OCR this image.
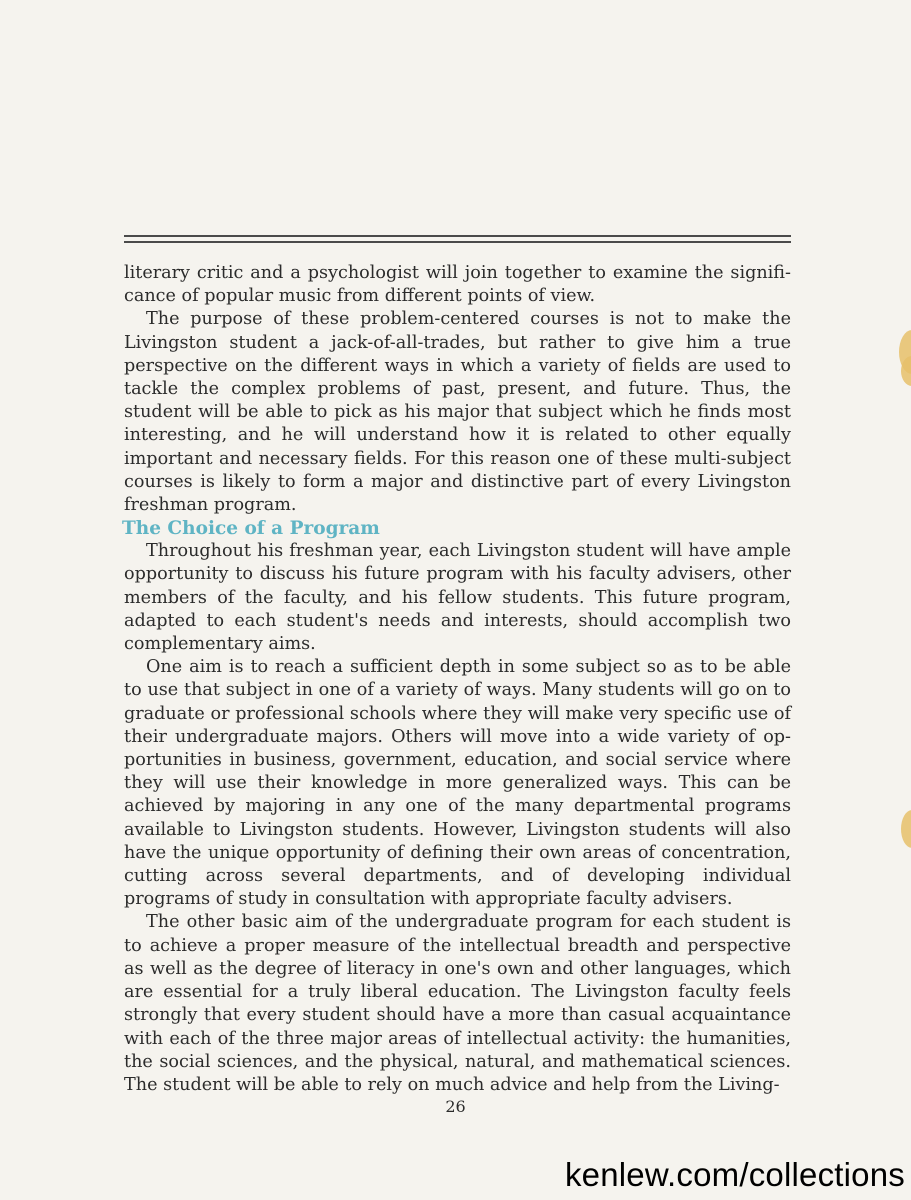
literary critic and a psychologist will join together to examine the significance of popular music from different points of view.

The purpose of these problem-centered courses is not to make the Livingston student a jack-of-all-trades, but rather to give him a true perspective on the different ways in which a variety of fields are used to tackle the complex problems of past, present, and future. Thus, the student will be able to pick as his major that subject which he finds most interesting, and he will understand how it is related to other equally important and necessary fields. For this reason one of these multi-subject courses is likely to form a major and distinctive part of every Livingston freshman program.

The Choice of a Program

Throughout his freshman year, each Livingston student will have ample opportunity to discuss his future program with his faculty advisers, other members of the faculty, and his fellow students. This future program, adapted to each student's needs and interests, should accomplish two complementary aims.

One aim is to reach a sufficient depth in some subject so as to be able to use that subject in one of a variety of ways. Many students will go on to graduate or professional schools where they will make very specific use of their undergraduate majors. Others will move into a wide variety of opportunities in business, government, education, and social service where they will use their knowledge in more generalized ways. This can be achieved by majoring in any one of the many departmental programs available to Livingston students. However, Livingston students will also have the unique opportunity of defining their own areas of concentration, cutting across several departments, and of developing individual programs of study in consultation with appropriate faculty advisers.

The other basic aim of the undergraduate program for each student is to achieve a proper measure of the intellectual breadth and perspective as well as the degree of literacy in one's own and other languages, which are essential for a truly liberal education. The Livingston faculty feels strongly that every student should have a more than casual acquaintance with each of the three major areas of intellectual activity: the humanities, the social sciences, and the physical, natural, and mathematical sciences. The student will be able to rely on much advice and help from the Living-

26
kenlew.com/collections
